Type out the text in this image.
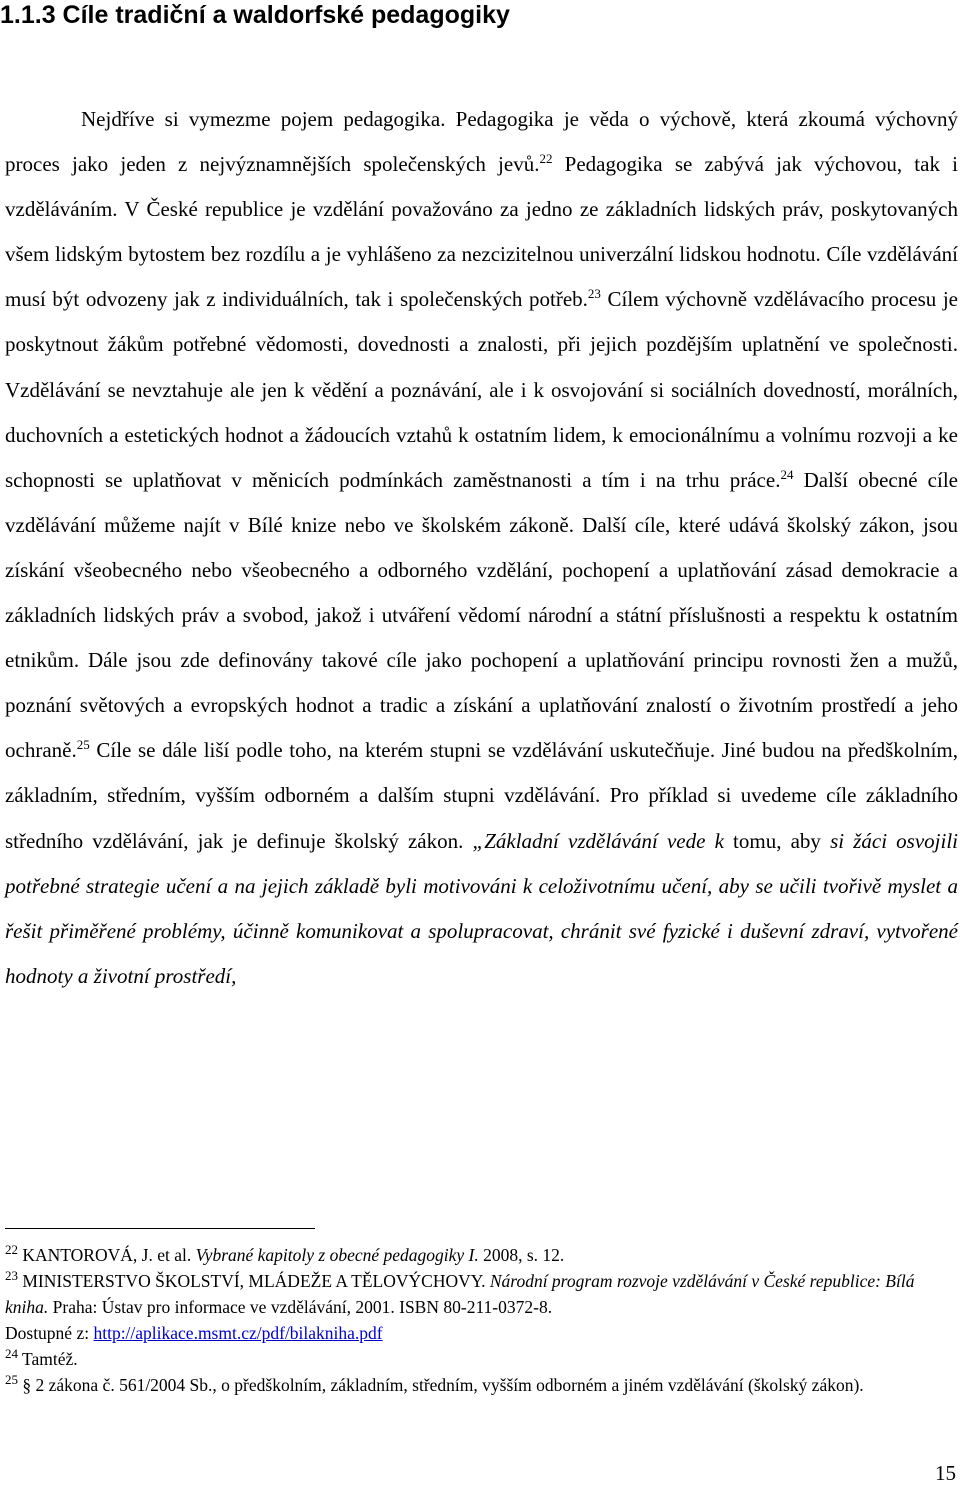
1.1.3 Cíle tradiční a waldorfské pedagogiky

Nejdříve si vymezme pojem pedagogika. Pedagogika je věda o výchově, která zkoumá výchovný proces jako jeden z nejvýznamnějších společenských jevů.$^{22}$ Pedagogika se zabývá jak výchovou, tak i vzděláváním. V České republice je vzdělání považováno za jedno ze základních lidských práv, poskytovaných všem lidským bytostem bez rozdílu a je vyhlášeno za nezcizitelnou univerzální lidskou hodnotu. Cíle vzdělávání musí být odvozeny jak z individuálních, tak i společenských potřeb.$^{23}$ Cílem výchovně vzdělávacího procesu je poskytnout žákům potřebné vědomosti, dovednosti a znalosti, při jejich pozdějším uplatnění ve společnosti. Vzdělávání se nevztahuje ale jen k vědění a poznávání, ale i k osvojování si sociálních dovedností, morálních, duchovních a estetických hodnot a žádoucích vztahů k ostatním lidem, k emocionálnímu a volnímu rozvoji a ke schopnosti se uplatňovat v měnicích podmínkách zaměstnanosti a tím i na trhu práce.$^{24}$ Další obecné cíle vzdělávání můžeme najít v Bílé knize nebo ve školském zákoně. Další cíle, které udává školský zákon, jsou získání všeobecného nebo všeobecného a odborného vzdělání, pochopení a uplatňování zásad demokracie a základních lidských práv a svobod, jakož i utváření vědomí národní a státní příslušnosti a respektu k ostatním etnikům. Dále jsou zde definovány takové cíle jako pochopení a uplatňování principu rovnosti žen a mužů, poznání světových a evropských hodnot a tradic a získání a uplatňování znalostí o životním prostředí a jeho ochraně.$^{25}$ Cíle se dále liší podle toho, na kterém stupni se vzdělávání uskutečňuje. Jiné budou na předškolním, základním, středním, vyšším odborném a dalším stupni vzdělávání. Pro příklad si uvedeme cíle základního středního vzdělávání, jak je definuje školský zákon. „Základní vzdělávání vede k tomu, aby si žáci osvojili potřebné strategie učení a na jejich základě byli motivováni k celoživotnímu učení, aby se učili tvořivě myslet a řešit přiměřené problémy, účinně komunikovat a spolupracovat, chránit své fyzické i duševní zdraví, vytvořené hodnoty a životní prostředí,

$^{22}$ KANTOROVÁ, J. et al. Vybrané kapitoly z obecné pedagogiky I. 2008, s. 12.

$^{23}$ MINISTERSTVO ŠKOLSTVÍ, MLÁDEŽE A TĚLOVÝCHOVY. Národní program rozvoje vzdělávání v České republice: Bílá kniha. Praha: Ústav pro informace ve vzdělávání, 2001. ISBN 80-211-0372-8.
Dostupné z: http://aplikace.msmt.cz/pdf/bilakniha.pdf

$^{24}$ Tamtéž.

$^{25}$ § 2 zákona č. 561/2004 Sb., o předškolním, základním, středním, vyšším odborném a jiném vzdělávání (školský zákon).

15
